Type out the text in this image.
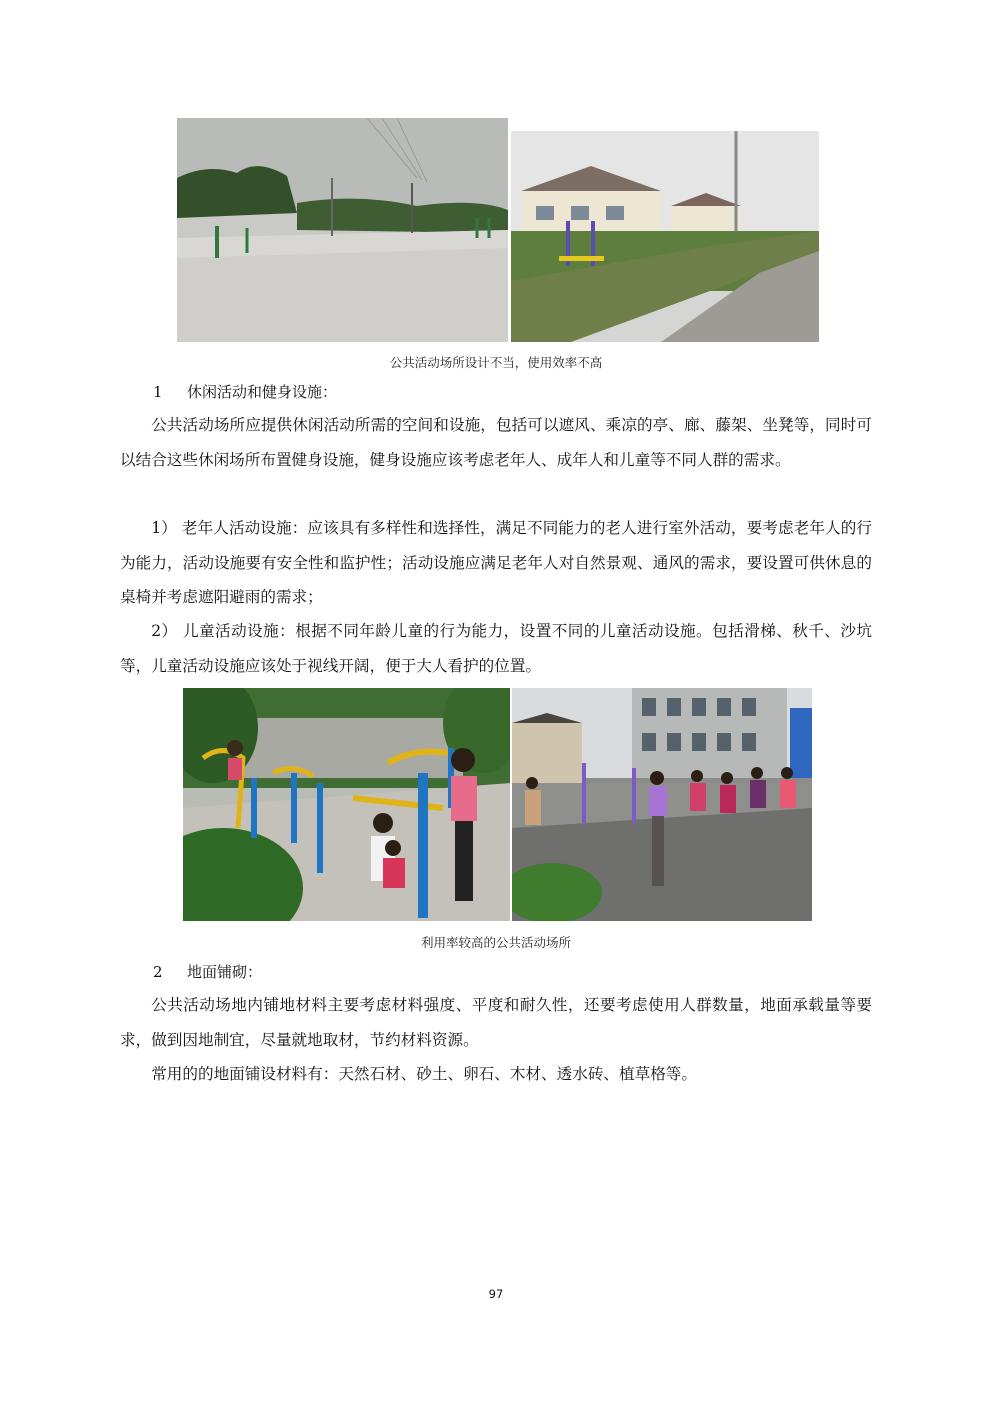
公共活动场所设计不当，使用效率不高
1 休闲活动和健身设施：

公共活动场所应提供休闲活动所需的空间和设施，包括可以遮风、乘凉的亭、廊、藤架、坐凳等，同时可以结合这些休闲场所布置健身设施，健身设施应该考虑老年人、成年人和儿童等不同人群的需求。

1） 老年人活动设施：应该具有多样性和选择性，满足不同能力的老人进行室外活动，要考虑老年人的行为能力，活动设施要有安全性和监护性；活动设施应满足老年人对自然景观、通风的需求，要设置可供休息的桌椅并考虑遮阳避雨的需求；

2） 儿童活动设施：根据不同年龄儿童的行为能力，设置不同的儿童活动设施。包括滑梯、秋千、沙坑等，儿童活动设施应该处于视线开阔，便于大人看护的位置。

利用率较高的公共活动场所
2 地面铺砌：

公共活动场地内铺地材料主要考虑材料强度、平度和耐久性，还要考虑使用人群数量，地面承载量等要求，做到因地制宜，尽量就地取材，节约材料资源。

常用的的地面铺设材料有：天然石材、砂土、卵石、木材、透水砖、植草格等。

97
